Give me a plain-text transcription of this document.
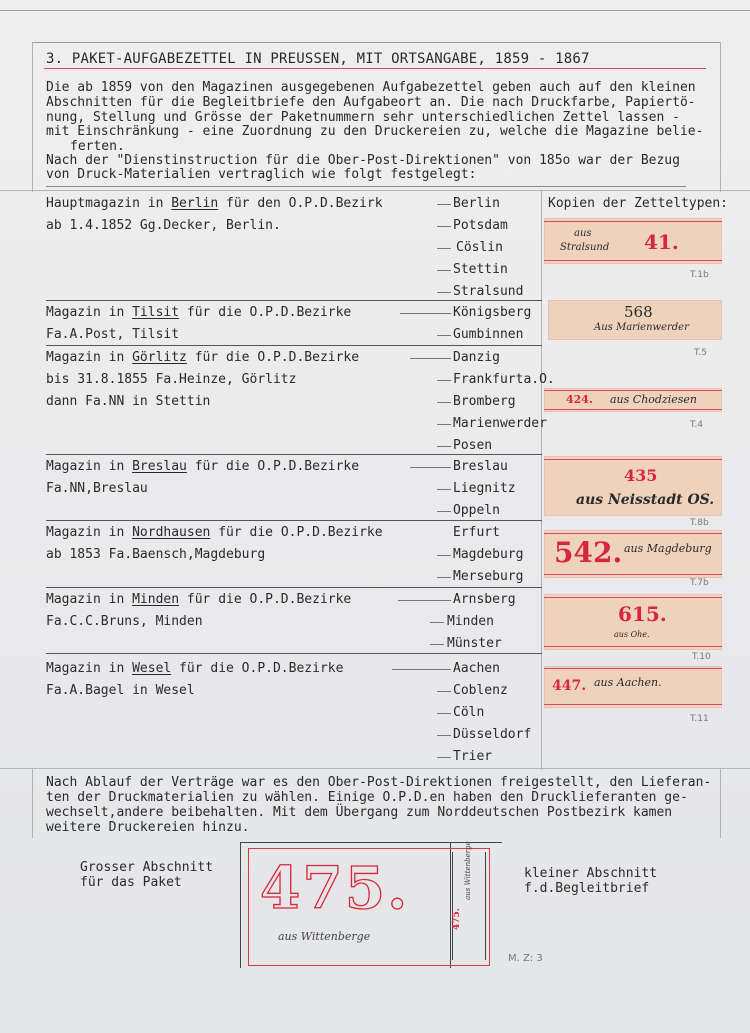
3. PAKET-AUFGABEZETTEL IN PREUSSEN, MIT ORTSANGABE, 1859 - 1867
Die ab 1859 von den Magazinen ausgegebenen Aufgabezettel geben auch auf den kleinen
Abschnitten für die Begleitbriefe den Aufgabeort an. Die nach Druckfarbe, Papiertö-
nung, Stellung und Grösse der Paketnummern sehr unterschiedlichen Zettel lassen -
mit Einschränkung - eine Zuordnung zu den Druckereien zu, welche die Magazine belie-
ferten.
Nach der "Dienstinstruction für die Ober-Post-Direktionen" von 185o war der Bezug
von Druck-Materialien vertraglich wie folgt festgelegt:
Kopien der Zetteltypen:
Hauptmagazin in Berlin für den O.P.D.Bezirk
ab 1.4.1852 Gg.Decker, Berlin.
Berlin
Potsdam
Cöslin
Stettin
Stralsund
aus
Stralsund 41.
T.1b
Magazin in Tilsit für die O.P.D.Bezirke
Fa.A.Post, Tilsit
Königsberg
Gumbinnen
568
Aus Marienwerder
T.5
Magazin in Görlitz für die O.P.D.Bezirke
bis 31.8.1855 Fa.Heinze, Görlitz
dann Fa.NN in Stettin
Danzig
Frankfurta.O.
Bromberg
Marienwerder
Posen
424. aus Chodziesen
T.4
Magazin in Breslau für die O.P.D.Bezirke
Fa.NN,Breslau
Breslau
Liegnitz
Oppeln
435
aus Neisstadt OS.
T.8b
Magazin in Nordhausen für die O.P.D.Bezirke
ab 1853 Fa.Baensch,Magdeburg
Erfurt
Magdeburg
Merseburg
542. aus Magdeburg
T.7b
Magazin in Minden für die O.P.D.Bezirke
Fa.C.C.Bruns, Minden
Arnsberg
Minden
Münster
615.
aus Ohe.
T.10
Magazin in Wesel für die O.P.D.Bezirke
Fa.A.Bagel in Wesel
Aachen
Coblenz
Cöln
Düsseldorf
Trier
447. aus Aachen.
T.11
Nach Ablauf der Verträge war es den Ober-Post-Direktionen freigestellt, den Lieferan-
ten der Druckmaterialien zu wählen. Einige O.P.D.en haben den Drucklieferanten ge-
wechselt,andere beibehalten. Mit dem Übergang zum Norddeutschen Postbezirk kamen
weitere Druckereien hinzu.
Grosser Abschnitt
für das Paket
kleiner Abschnitt
f.d.Begleitbrief
475.
aus Wittenberge
475.
aus Wittenberge
M. Z: 3
